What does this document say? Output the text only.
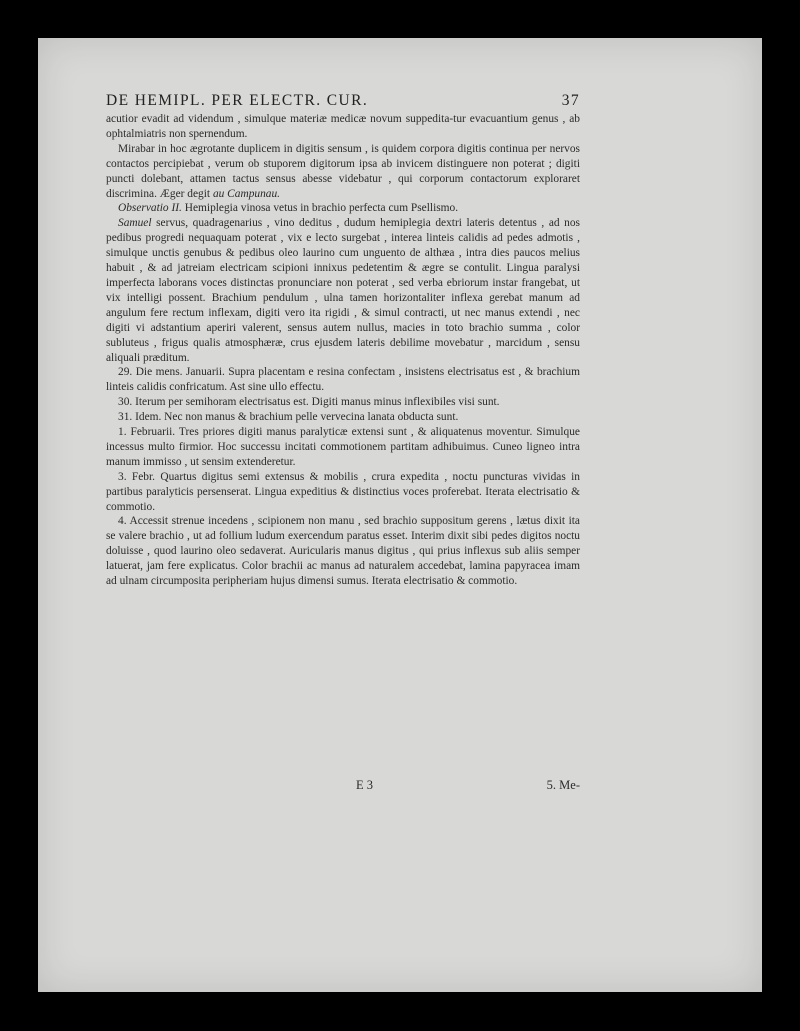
DE HEMIPL. PER ELECTR. CUR.	37

acutior evadit ad videndum , simulque materiæ medicæ novum suppedita-tur evacuantium genus , ab ophtalmiatris non spernendum.

Mirabar in hoc ægrotante duplicem in digitis sensum , is quidem corpora digitis continua per nervos contactos percipiebat , verum ob stuporem digitorum ipsa ab invicem distinguere non poterat ; digiti puncti dolebant, attamen tactus sensus abesse videbatur , qui corporum contactorum exploraret discrimina. Æger degit au Campunau.

Observatio II. Hemiplegia vinosa vetus in brachio perfecta cum Psellismo.

Samuel servus, quadragenarius , vino deditus , dudum hemiplegia dextri lateris detentus , ad nos pedibus progredi nequaquam poterat , vix e lecto surgebat , interea linteis calidis ad pedes admotis , simulque unctis genubus & pedibus oleo laurino cum unguento de althæa , intra dies paucos melius habuit , & ad jatreiam electricam scipioni innixus pedetentim & ægre se contulit. Lingua paralysi imperfecta laborans voces distinctas pronunciare non poterat , sed verba ebriorum instar frangebat, ut vix intelligi possent. Brachium pendulum , ulna tamen horizontaliter inflexa gerebat manum ad angulum fere rectum inflexam, digiti vero ita rigidi , & simul contracti, ut nec manus extendi , nec digiti vi adstantium aperiri valerent, sensus autem nullus, macies in toto brachio summa , color subluteus , frigus qualis atmosphæræ, crus ejusdem lateris debilime movebatur , marcidum , sensu aliquali præditum.

29. Die mens. Januarii. Supra placentam e resina confectam , insistens electrisatus est , & brachium linteis calidis confricatum. Ast sine ullo effectu.

30. Iterum per semihoram electrisatus est. Digiti manus minus inflexibiles visi sunt.

31. Idem. Nec non manus & brachium pelle vervecina lanata obducta sunt.

1. Februarii. Tres priores digiti manus paralyticæ extensi sunt , & aliquatenus moventur. Simulque incessus multo firmior. Hoc successu incitati commotionem partitam adhibuimus. Cuneo ligneo intra manum immisso , ut sensim extenderetur.

3. Febr. Quartus digitus semi extensus & mobilis , crura expedita , noctu puncturas vividas in partibus paralyticis persenserat. Lingua expeditius & distinctius voces proferebat. Iterata electrisatio & commotio.

4. Accessit strenue incedens , scipionem non manu , sed brachio suppositum gerens , lætus dixit ita se valere brachio , ut ad follium ludum exercendum paratus esset. Interim dixit sibi pedes digitos noctu doluisse , quod laurino oleo sedaverat. Auricularis manus digitus , qui prius inflexus sub aliis semper latuerat, jam fere explicatus. Color brachii ac manus ad naturalem accedebat, lamina papyracea imam ad ulnam circumposita peripheriam hujus dimensi sumus. Iterata electrisatio & commotio.

E 3	5. Me-
